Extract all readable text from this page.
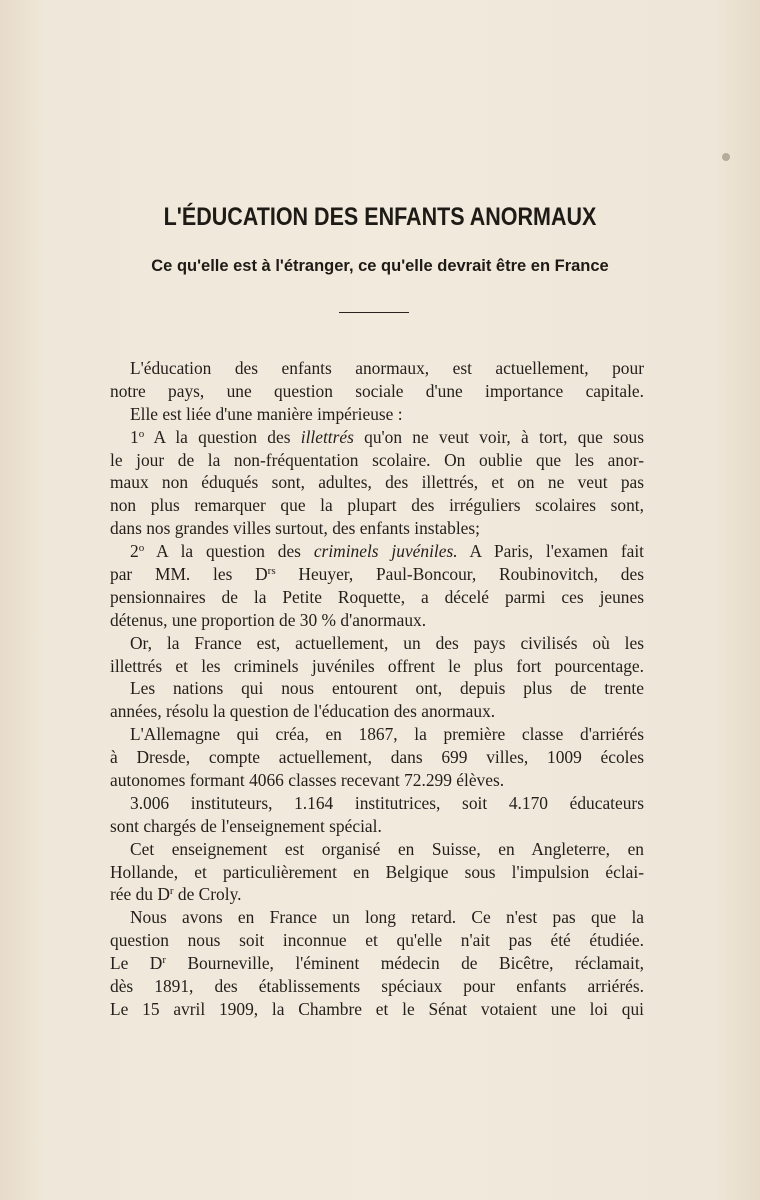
L'ÉDUCATION DES ENFANTS ANORMAUX
Ce qu'elle est à l'étranger, ce qu'elle devrait être en France
L'éducation des enfants anormaux, est actuellement, pour
notre pays, une question sociale d'une importance capitale.
Elle est liée d'une manière impérieuse :
1$^o$ A la question des illettrés qu'on ne veut voir, à tort, que sous
le jour de la non-fréquentation scolaire. On oublie que les anor-
maux non éduqués sont, adultes, des illettrés, et on ne veut pas
non plus remarquer que la plupart des irréguliers scolaires sont,
dans nos grandes villes surtout, des enfants instables;
2$^o$ A la question des criminels juvéniles. A Paris, l'examen fait
par MM. les $D^{rs}$ Heuyer, Paul-Boncour, Roubinovitch, des
pensionnaires de la Petite Roquette, a décelé parmi ces jeunes
détenus, une proportion de 30 % d'anormaux.
Or, la France est, actuellement, un des pays civilisés où les
illettrés et les criminels juvéniles offrent le plus fort pourcentage.
Les nations qui nous entourent ont, depuis plus de trente
années, résolu la question de l'éducation des anormaux.
L'Allemagne qui créa, en 1867, la première classe d'arriérés
à Dresde, compte actuellement, dans 699 villes, 1009 écoles
autonomes formant 4066 classes recevant 72.299 élèves.
3.006 instituteurs, 1.164 institutrices, soit 4.170 éducateurs
sont chargés de l'enseignement spécial.
Cet enseignement est organisé en Suisse, en Angleterre, en
Hollande, et particulièrement en Belgique sous l'impulsion éclai-
rée du $D^r$ de Croly.
Nous avons en France un long retard. Ce n'est pas que la
question nous soit inconnue et qu'elle n'ait pas été étudiée.
Le $D^r$ Bourneville, l'éminent médecin de Bicêtre, réclamait,
dès 1891, des établissements spéciaux pour enfants arriérés.
Le 15 avril 1909, la Chambre et le Sénat votaient une loi qui
